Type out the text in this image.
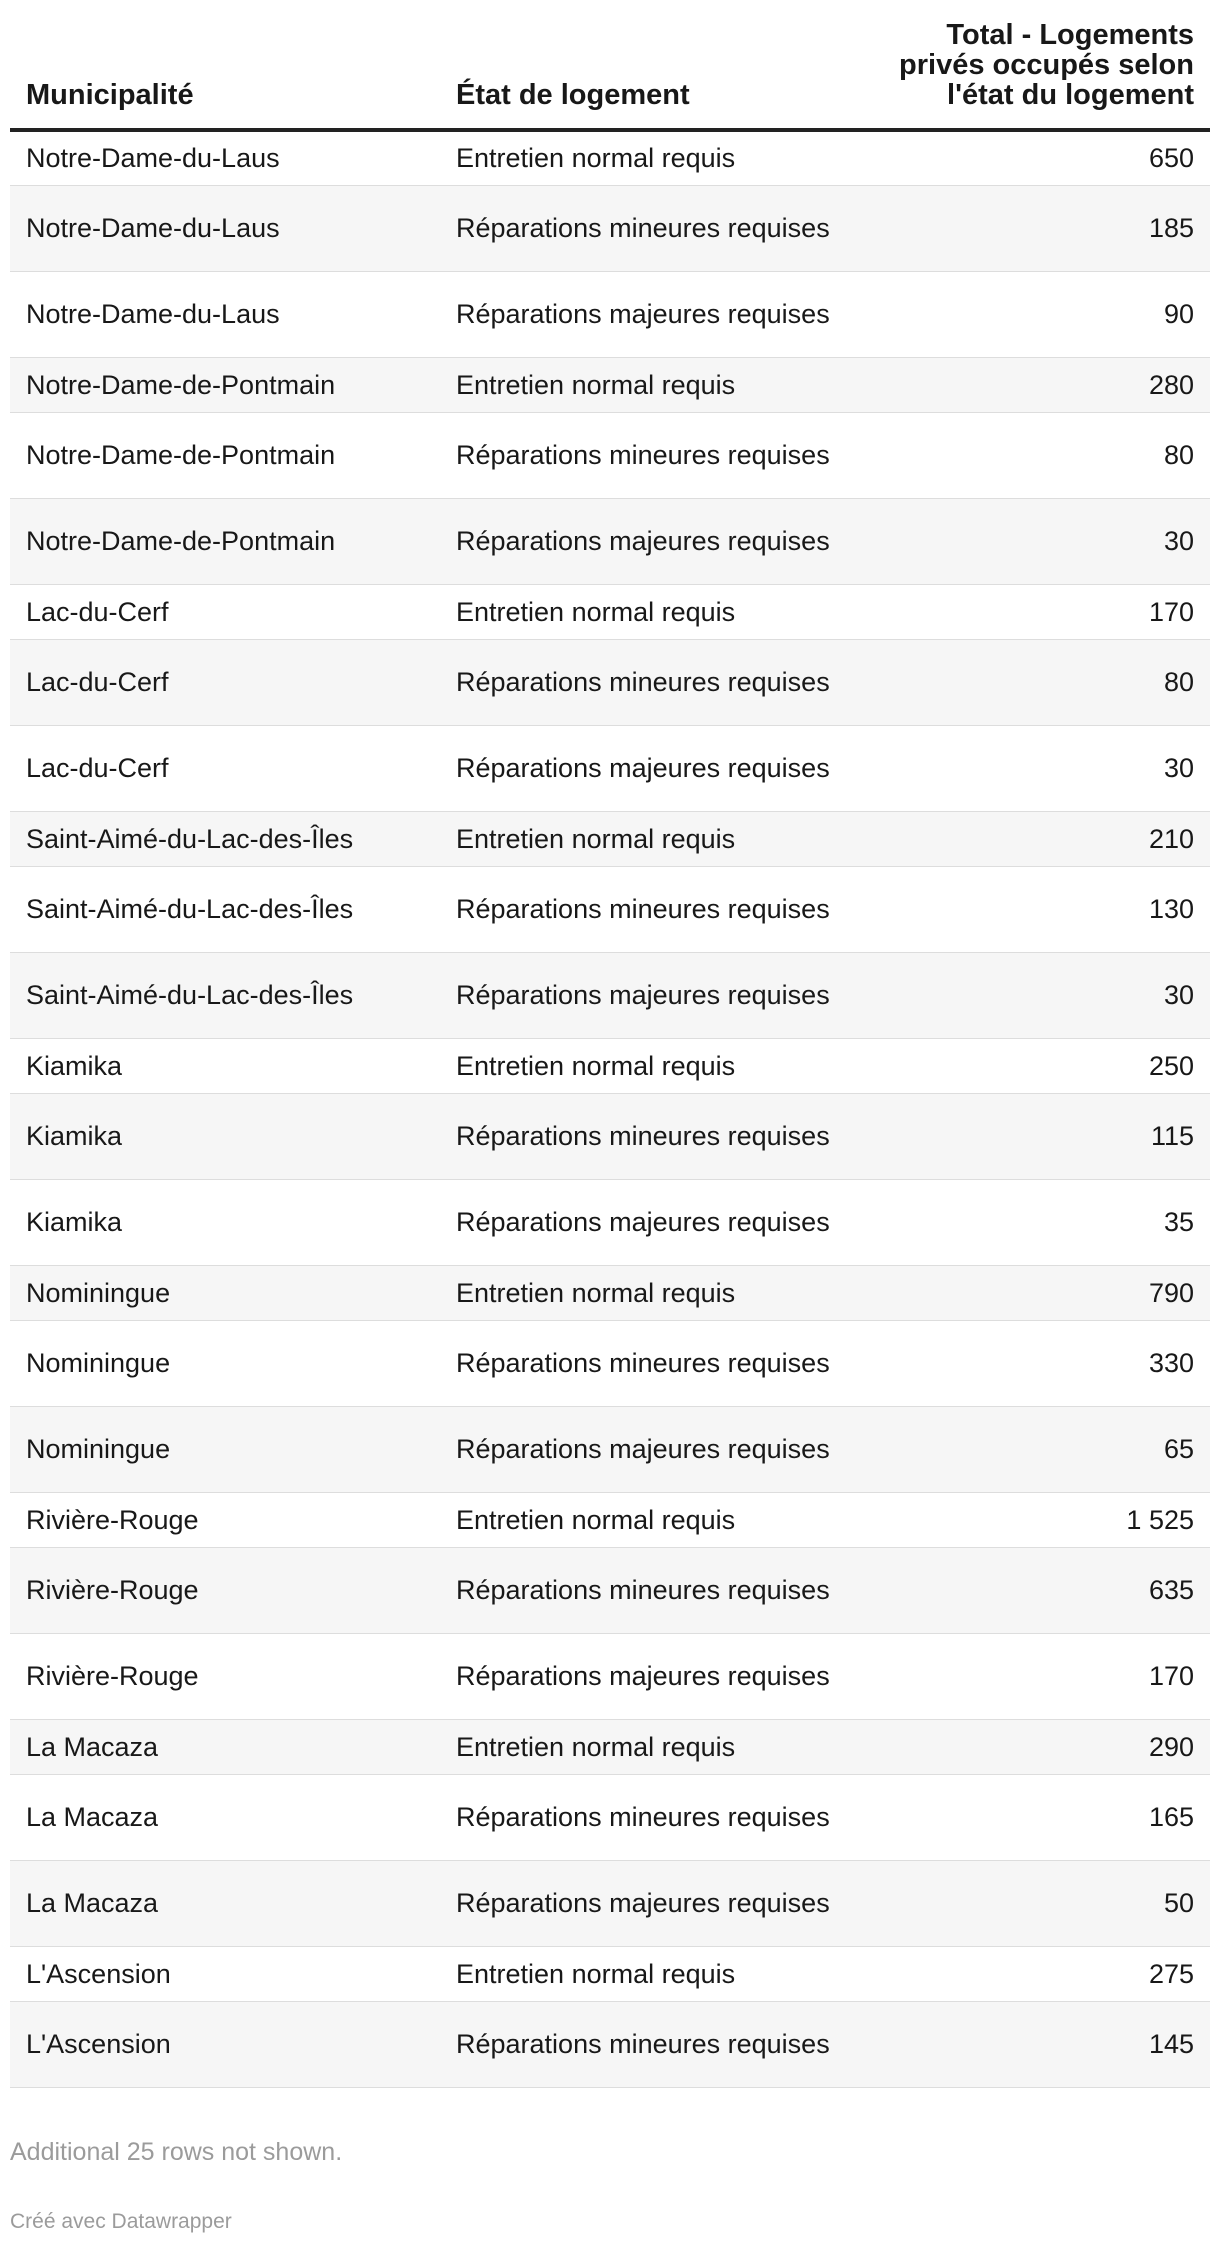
Municipalité	État de logement	Total - Logements privés occupés selon l'état du logement
Notre-Dame-du-Laus	Entretien normal requis	650
Notre-Dame-du-Laus	Réparations mineures requises	185
Notre-Dame-du-Laus	Réparations majeures requises	90
Notre-Dame-de-Pontmain	Entretien normal requis	280
Notre-Dame-de-Pontmain	Réparations mineures requises	80
Notre-Dame-de-Pontmain	Réparations majeures requises	30
Lac-du-Cerf	Entretien normal requis	170
Lac-du-Cerf	Réparations mineures requises	80
Lac-du-Cerf	Réparations majeures requises	30
Saint-Aimé-du-Lac-des-Îles	Entretien normal requis	210
Saint-Aimé-du-Lac-des-Îles	Réparations mineures requises	130
Saint-Aimé-du-Lac-des-Îles	Réparations majeures requises	30
Kiamika	Entretien normal requis	250
Kiamika	Réparations mineures requises	115
Kiamika	Réparations majeures requises	35
Nominingue	Entretien normal requis	790
Nominingue	Réparations mineures requises	330
Nominingue	Réparations majeures requises	65
Rivière-Rouge	Entretien normal requis	1 525
Rivière-Rouge	Réparations mineures requises	635
Rivière-Rouge	Réparations majeures requises	170
La Macaza	Entretien normal requis	290
La Macaza	Réparations mineures requises	165
La Macaza	Réparations majeures requises	50
L'Ascension	Entretien normal requis	275
L'Ascension	Réparations mineures requises	145
Additional 25 rows not shown.
Créé avec Datawrapper
